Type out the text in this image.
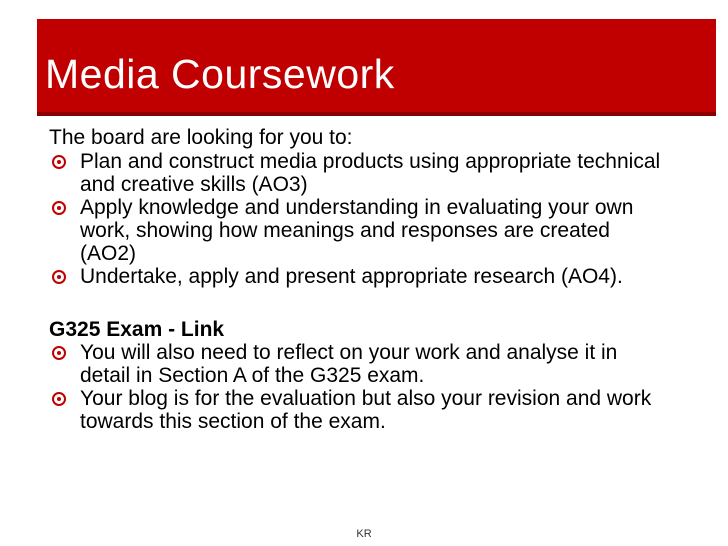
Media Coursework

The board are looking for you to:

Plan and construct media products using appropriate technical and creative skills (AO3)
Apply knowledge and understanding in evaluating your own work, showing how meanings and responses are created (AO2)
Undertake, apply and present appropriate research (AO4).

G325 Exam - Link

You will also need to reflect on your work and analyse it in detail in Section A of the G325 exam.
Your blog is for the evaluation but also your revision and work towards this section of the exam.
KR
